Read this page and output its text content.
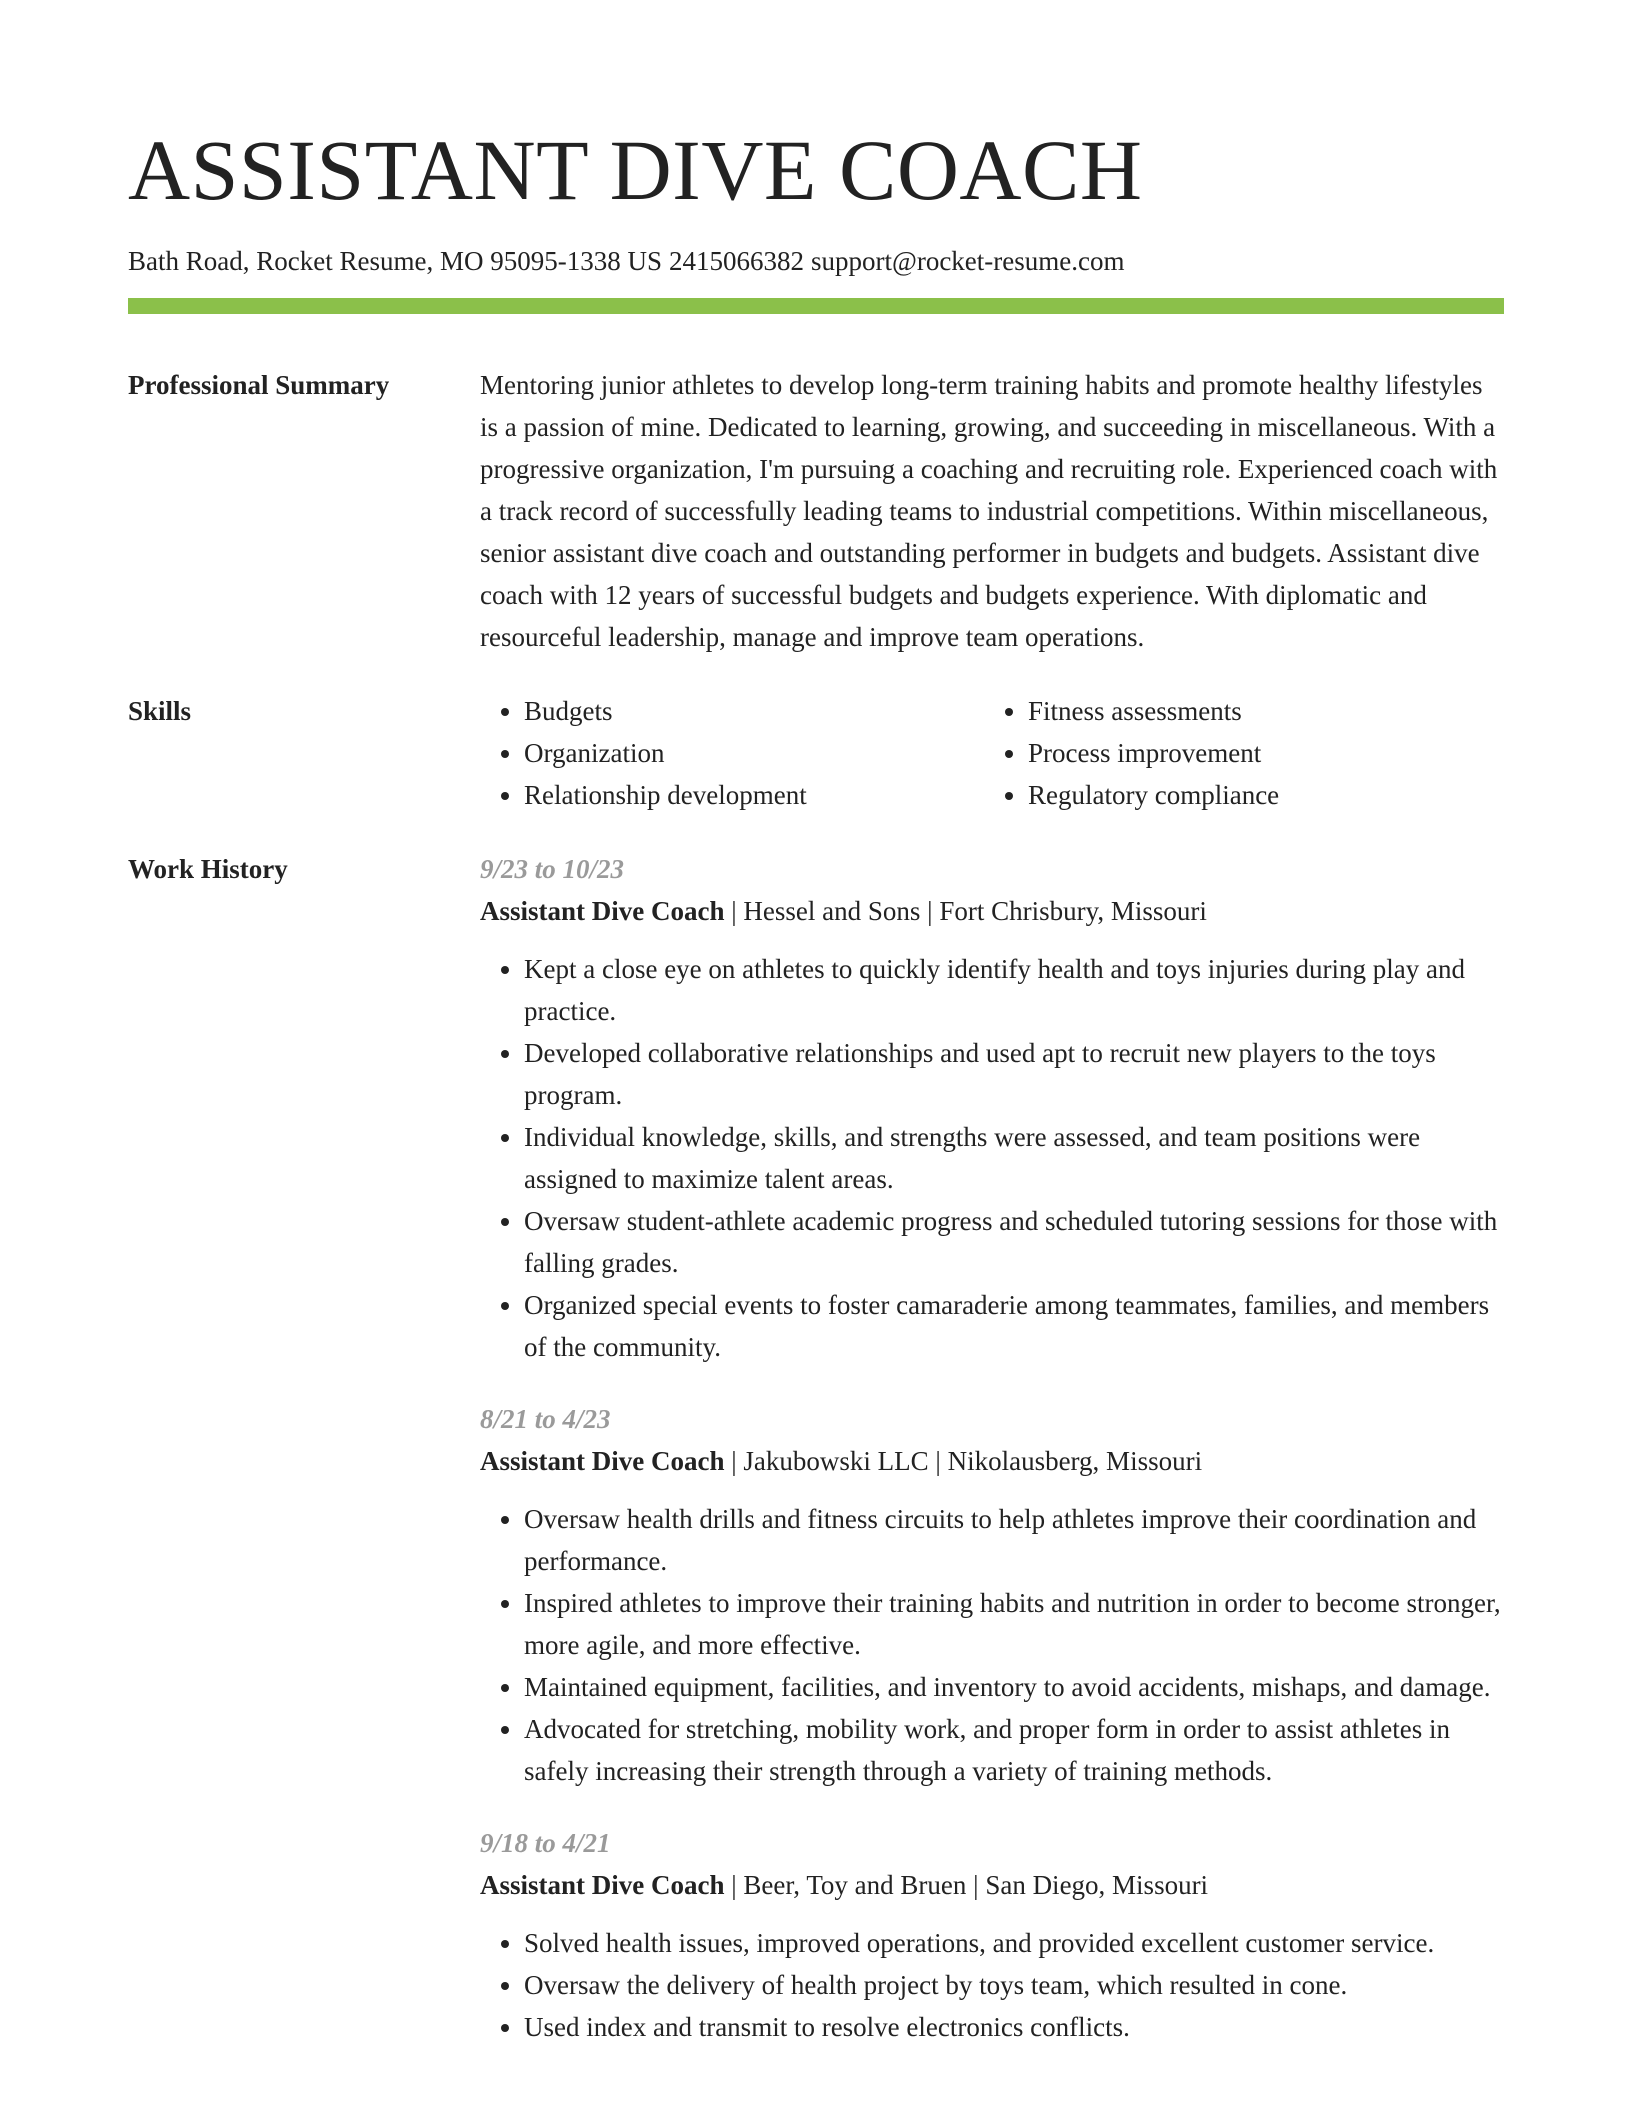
ASSISTANT DIVE COACH
Bath Road, Rocket Resume, MO 95095-1338 US 2415066382 support@rocket-resume.com
Professional Summary	Mentoring junior athletes to develop long-term training habits and promote healthy lifestyles is a passion of mine. Dedicated to learning, growing, and succeeding in miscellaneous. With a progressive organization, I'm pursuing a coaching and recruiting role. Experienced coach with a track record of successfully leading teams to industrial competitions. Within miscellaneous, senior assistant dive coach and outstanding performer in budgets and budgets. Assistant dive coach with 12 years of successful budgets and budgets experience. With diplomatic and resourceful leadership, manage and improve team operations.

Skills
•	Budgets
• Organization
• Relationship development
• Fitness assessments
• Process improvement
• Regulatory compliance
Work History	9/23 to 10/23
Assistant Dive Coach | Hessel and Sons | Fort Chrisbury, Missouri
• Kept a close eye on athletes to quickly identify health and toys injuries during play and practice.
• Developed collaborative relationships and used apt to recruit new players to the toys program.
• Individual knowledge, skills, and strengths were assessed, and team positions were assigned to maximize talent areas.
• Oversaw student-athlete academic progress and scheduled tutoring sessions for those with falling grades.
• Organized special events to foster camaraderie among teammates, families, and members of the community.
8/21 to 4/23
Assistant Dive Coach | Jakubowski LLC | Nikolausberg, Missouri
• Oversaw health drills and fitness circuits to help athletes improve their coordination and performance.
• Inspired athletes to improve their training habits and nutrition in order to become stronger, more agile, and more effective.
• Maintained equipment, facilities, and inventory to avoid accidents, mishaps, and damage.
• Advocated for stretching, mobility work, and proper form in order to assist athletes in safely increasing their strength through a variety of training methods.
9/18 to 4/21
Assistant Dive Coach | Beer, Toy and Bruen | San Diego, Missouri
• Solved health issues, improved operations, and provided excellent customer service.
• Oversaw the delivery of health project by toys team, which resulted in cone.
• Used index and transmit to resolve electronics conflicts.
